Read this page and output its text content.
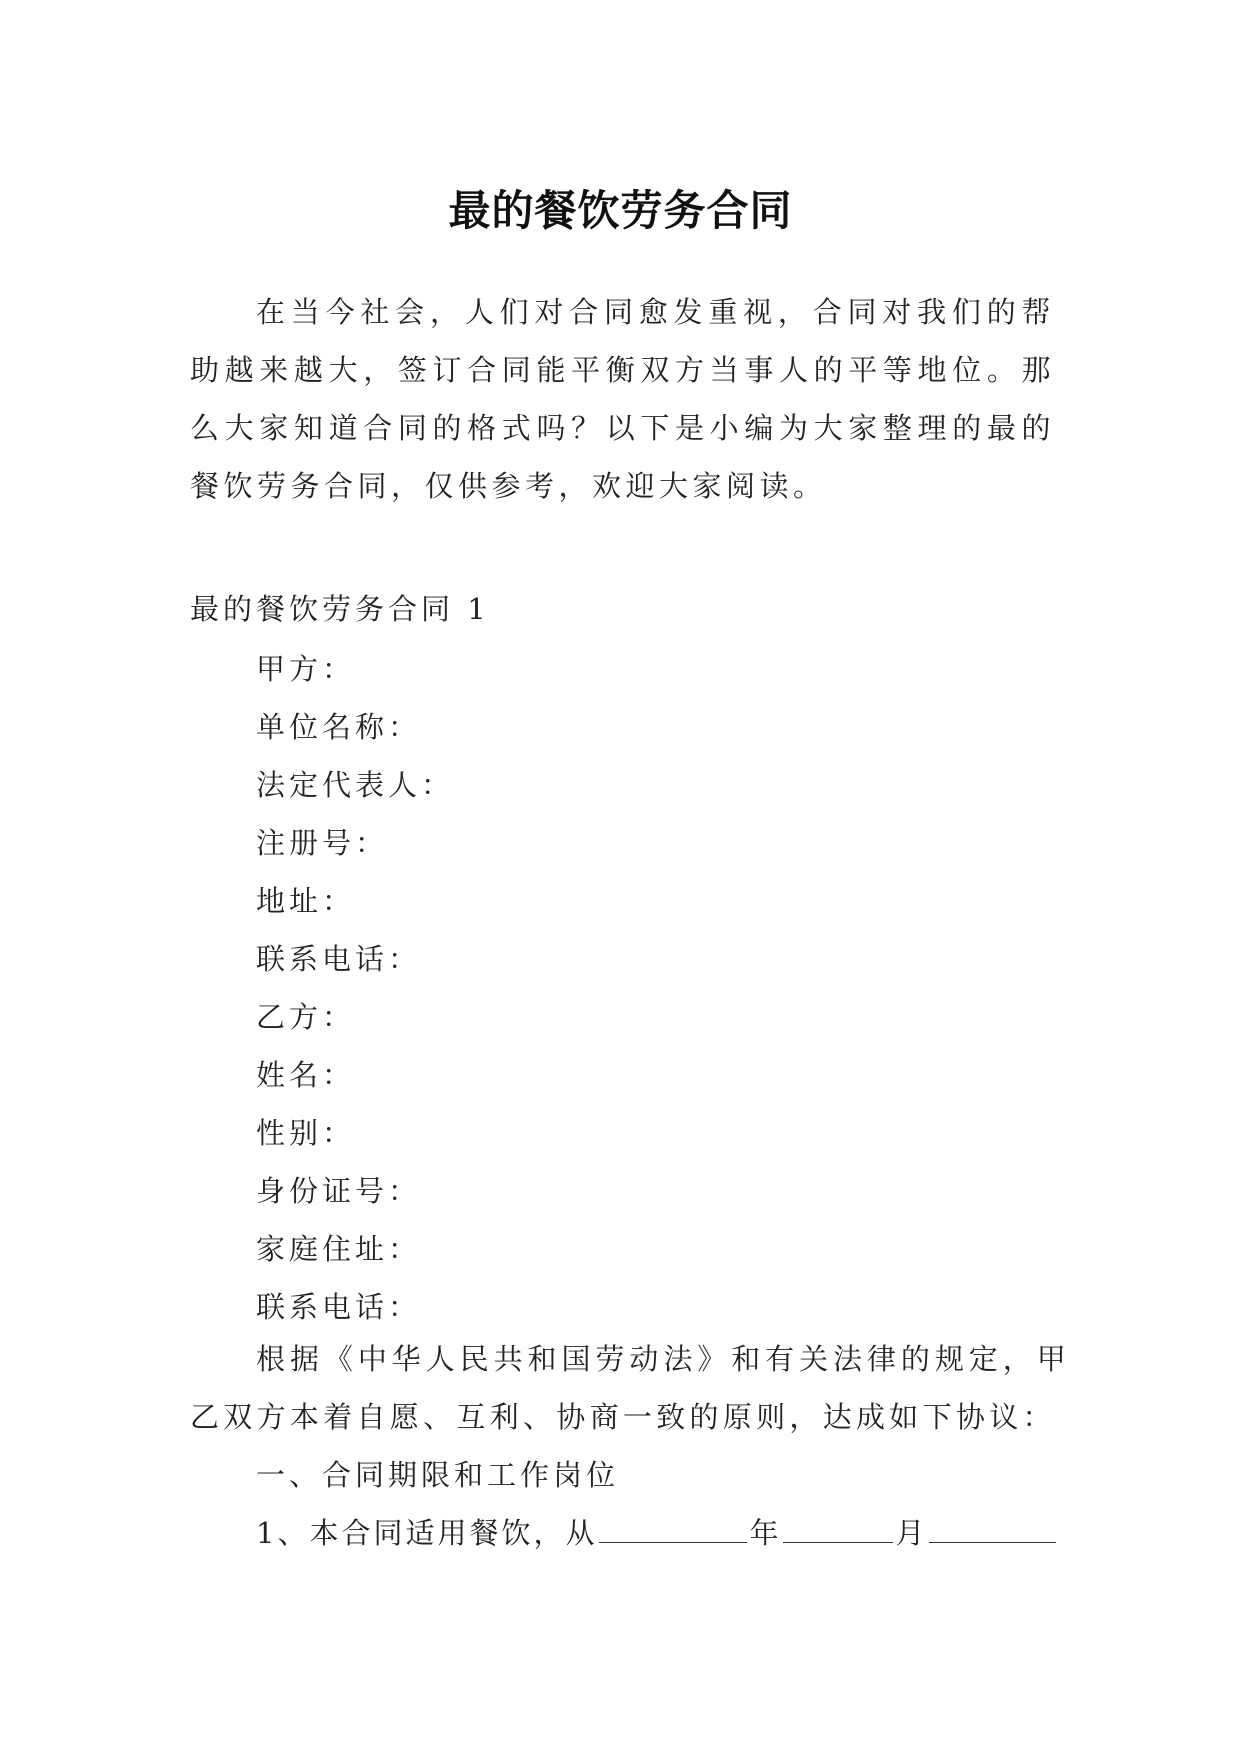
最的餐饮劳务合同

在当今社会，人们对合同愈发重视，合同对我们的帮助越来越大，签订合同能平衡双方当事人的平等地位。那么大家知道合同的格式吗？以下是小编为大家整理的最的餐饮劳务合同，仅供参考，欢迎大家阅读。

最的餐饮劳务合同 1

甲方：
单位名称：
法定代表人：
注册号：
地址：
联系电话：
乙方：
姓名：
性别：
身份证号：
家庭住址：
联系电话：

根据《中华人民共和国劳动法》和有关法律的规定，甲乙双方本着自愿、互利、协商一致的原则，达成如下协议：

一、合同期限和工作岗位

1、本合同适用餐饮，从	年	月
